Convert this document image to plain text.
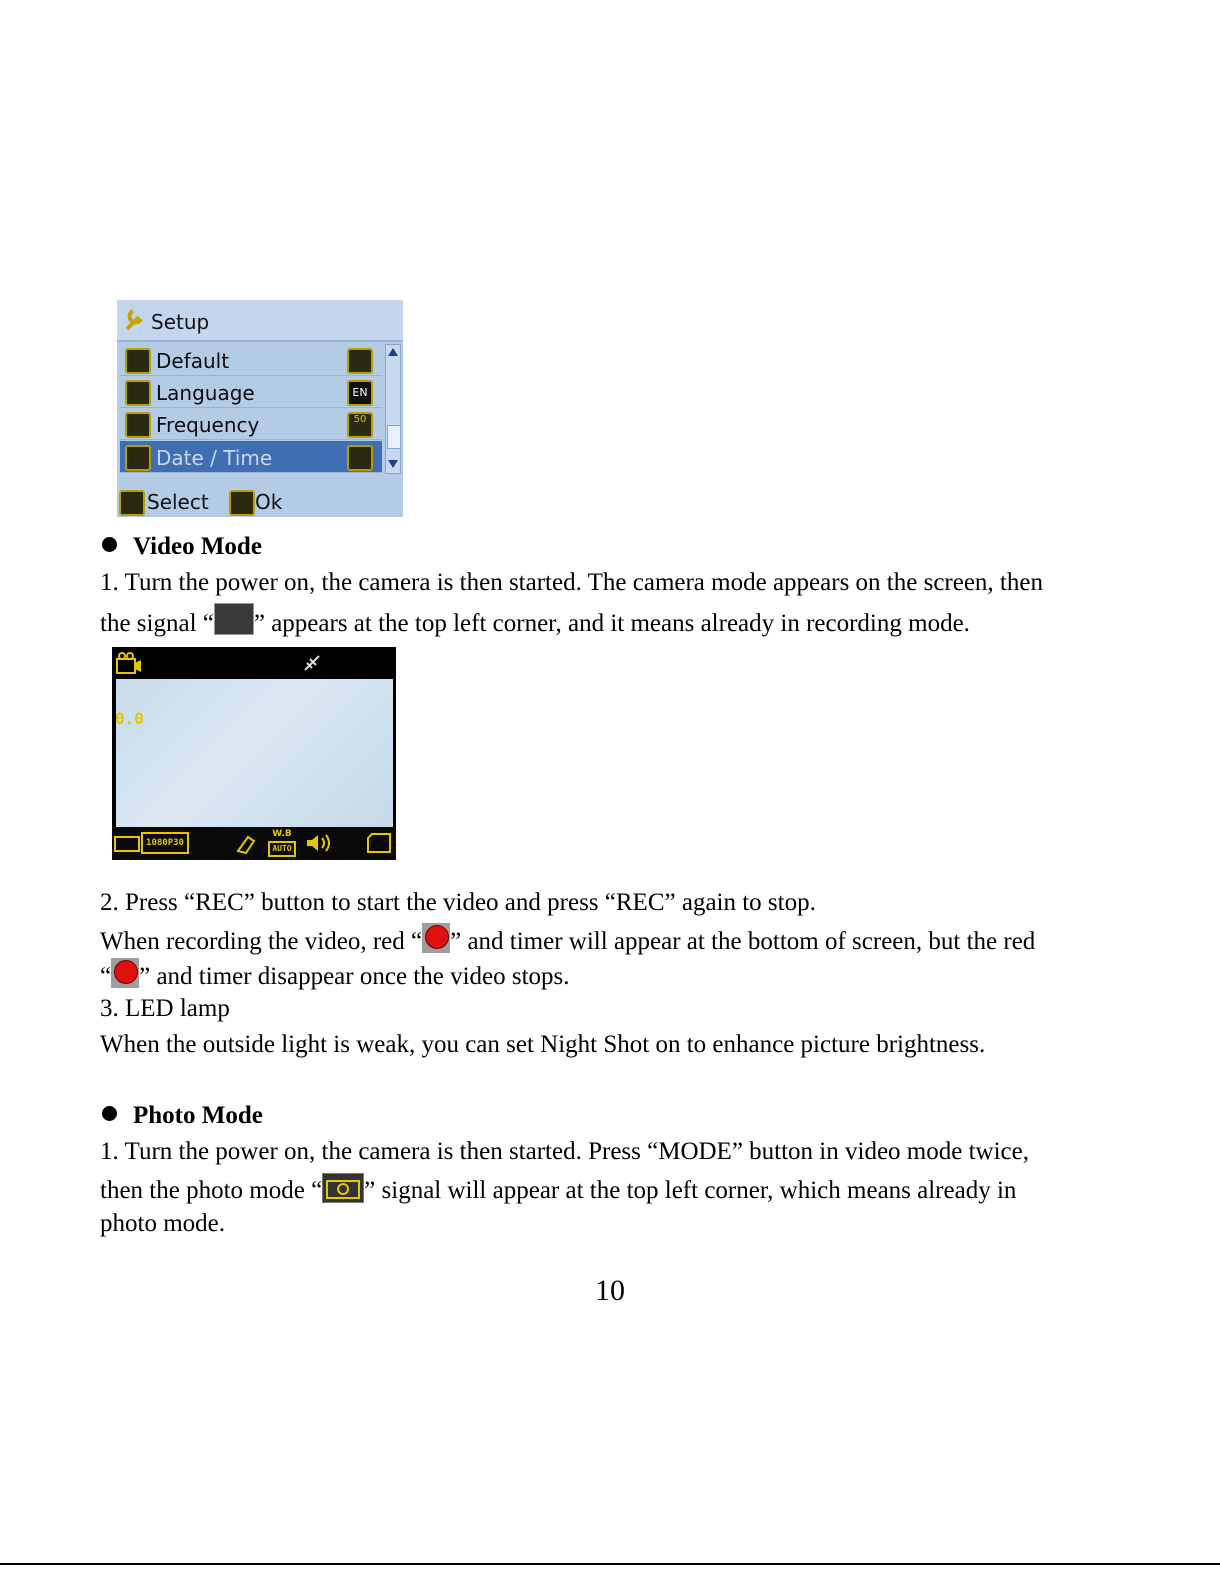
Setup
Default
Language	EN
Frequency	50
Date / Time
Select Ok
Video Mode
1. Turn the power on, the camera is then started. The camera mode appears on the screen, then
the signal “ ” appears at the top left corner, and it means already in recording mode.
0.0
1080P30
W.B
AUTO
2. Press “REC” button to start the video and press “REC” again to stop.
When recording the video, red “ ” and timer will appear at the bottom of screen, but the red
“ ” and timer disappear once the video stops.
3. LED lamp
When the outside light is weak, you can set Night Shot on to enhance picture brightness.
Photo Mode
1. Turn the power on, the camera is then started. Press “MODE” button in video mode twice,
then the photo mode “ ” signal will appear at the top left corner, which means already in
photo mode.
10
